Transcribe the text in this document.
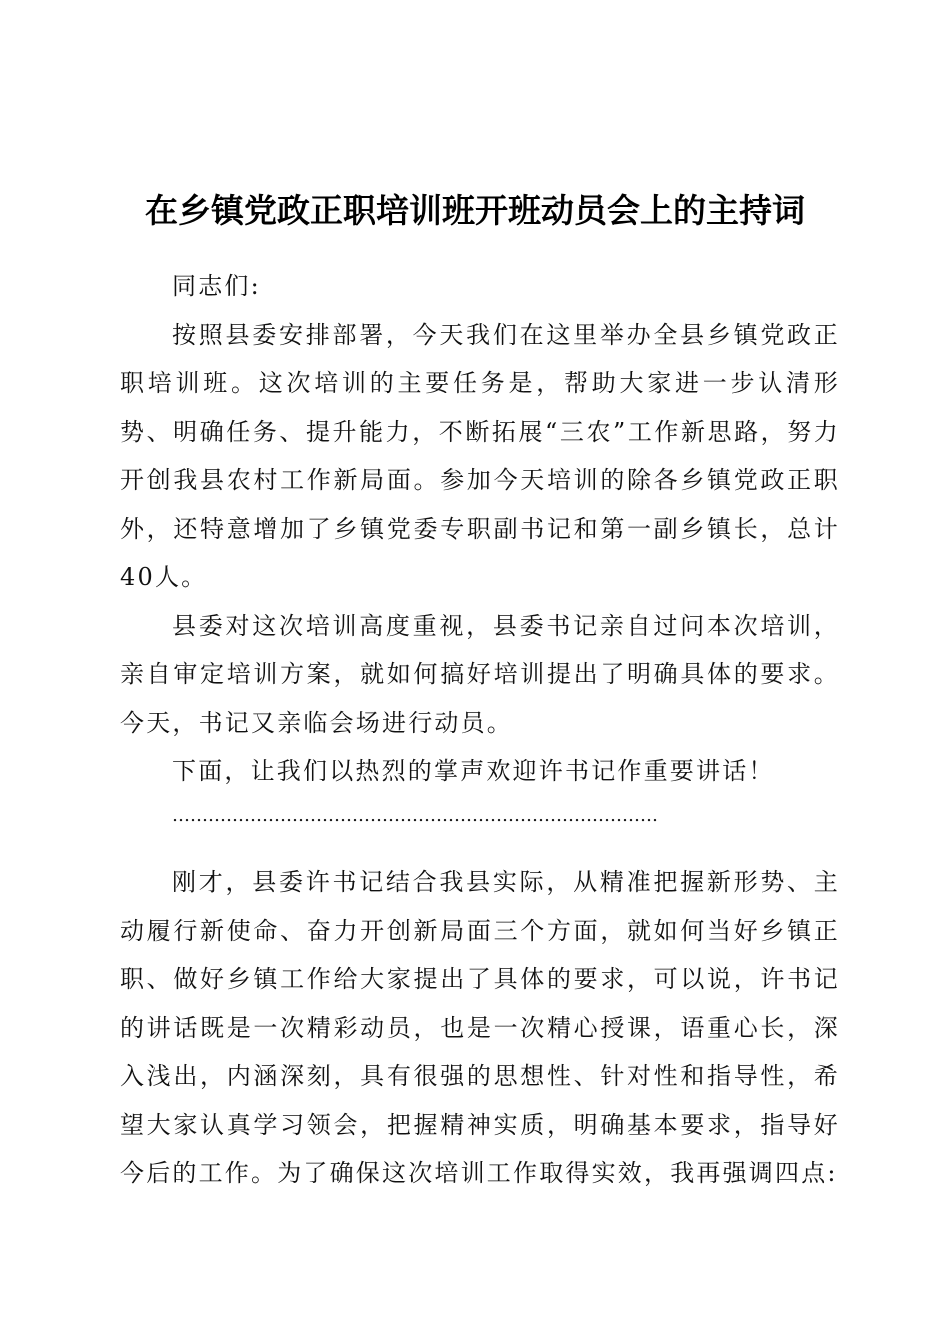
在乡镇党政正职培训班开班动员会上的主持词

同志们:

按照县委安排部署，今天我们在这里举办全县乡镇党政正职培训班。这次培训的主要任务是，帮助大家进一步认清形势、明确任务、提升能力，不断拓展“三农”工作新思路，努力开创我县农村工作新局面。参加今天培训的除各乡镇党政正职外，还特意增加了乡镇党委专职副书记和第一副乡镇长，总计40人。

县委对这次培训高度重视，县委书记亲自过问本次培训，亲自审定培训方案，就如何搞好培训提出了明确具体的要求。今天，书记又亲临会场进行动员。

下面，让我们以热烈的掌声欢迎许书记作重要讲话！

………………………………………………………………………

刚才，县委许书记结合我县实际，从精准把握新形势、主动履行新使命、奋力开创新局面三个方面，就如何当好乡镇正职、做好乡镇工作给大家提出了具体的要求，可以说，许书记的讲话既是一次精彩动员，也是一次精心授课，语重心长，深入浅出，内涵深刻，具有很强的思想性、针对性和指导性，希望大家认真学习领会，把握精神实质，明确基本要求，指导好今后的工作。为了确保这次培训工作取得实效，我再强调四点:
